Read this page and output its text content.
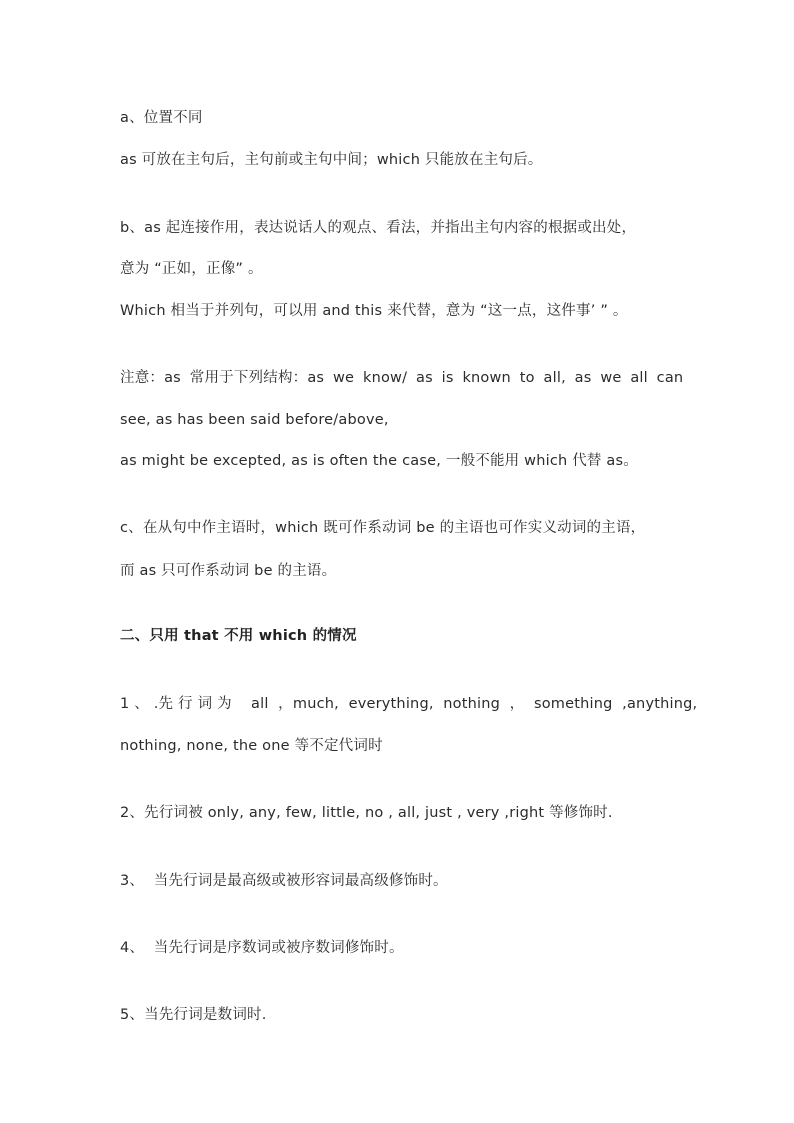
a、位置不同
as 可放在主句后，主句前或主句中间；which 只能放在主句后。
b、as 起连接作用，表达说话人的观点、看法，并指出主句内容的根据或出处，
意为 “正如，正像” 。
Which 相当于并列句，可以用 and this 来代替，意为 “这一点，这件事’ ” 。
注意：as 常用于下列结构：as we know/ as is known to all, as we all can
see, as has been said before/above,
as might be excepted, as is often the case, 一般不能用 which 代替 as。
c、在从句中作主语时，which 既可作系动词 be 的主语也可作实义动词的主语，
而 as 只可作系动词 be 的主语。
二、只用 that 不用 which 的情况
1 、 .先 行 词 为    all  ，much,  everything,  nothing  ，  something  ,anything,
nothing, none, the one 等不定代词时
2、先行词被 only, any, few, little, no , all, just , very ,right 等修饰时.
3、  当先行词是最高级或被形容词最高级修饰时。
4、  当先行词是序数词或被序数词修饰时。
5、当先行词是数词时.
